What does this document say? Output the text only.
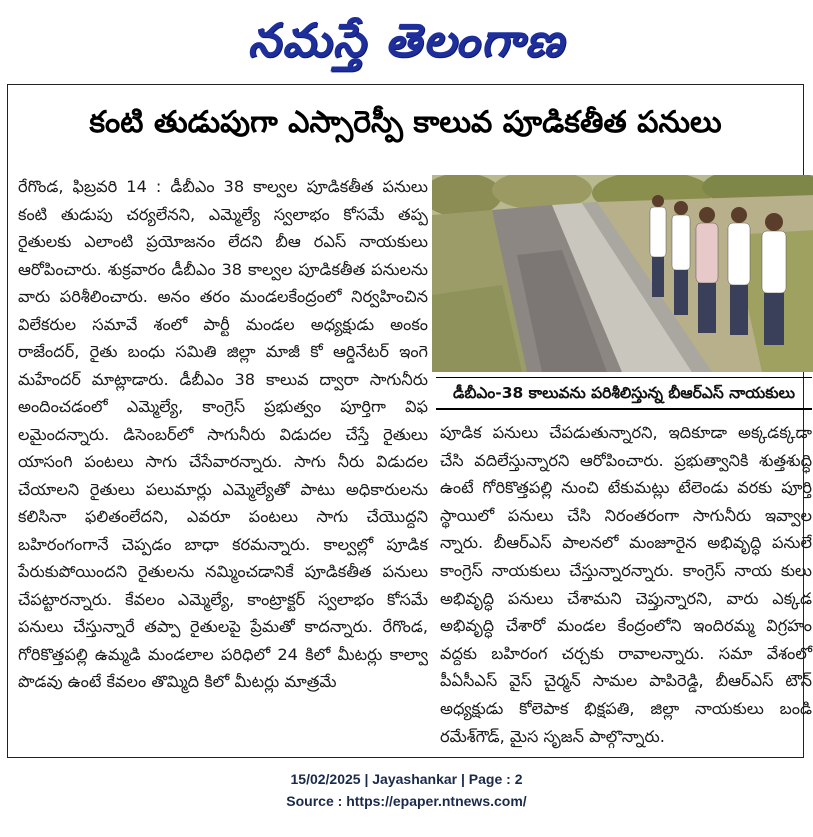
నమస్తే తెలంగాణ
కంటి తుడుపుగా ఎస్సారెస్పీ కాలువ పూడికతీత పనులు
రేగొండ, ఫిబ్రవరి 14 : డీబీఎం 38 కాల్వల పూడికతీత పనులు కంటి తుడుపు చర్యలేనని, ఎమ్మెల్యే స్వలాభం కోసమే తప్ప రైతులకు ఎలాంటి ప్రయోజనం లేదని బీఆ రఎస్ నాయకులు ఆరోపించారు. శుక్రవారం డీబీఎం 38 కాల్వల పూడికతీత పనులను వారు పరిశీలించారు. అనం తరం మండలకేంద్రంలో నిర్వహించిన విలేకరుల సమావే శంలో పార్టీ మండల అధ్యక్షుడు అంకం రాజేందర్, రైతు బంధు సమితి జిల్లా మాజీ కో ఆర్డినేటర్ ఇంగె మహేందర్ మాట్లాడారు. డీబీఎం 38 కాలువ ద్వారా సాగునీరు అందించడంలో ఎమ్మెల్యే, కాంగ్రెస్ ప్రభుత్వం పూర్తిగా విఫ లమైందన్నారు. డిసెంబర్‌లో సాగునీరు విడుదల చేస్తే రైతులు యాసంగి పంటలు సాగు చేసేవారన్నారు. సాగు నీరు విడుదల చేయాలని రైతులు పలుమార్లు ఎమ్మెల్యేతో పాటు అధికారులను కలిసినా ఫలితంలేదని, ఎవరూ పంటలు సాగు చేయొద్దని బహిరంగంగానే చెప్పడం బాధా కరమన్నారు. కాల్వల్లో పూడిక పేరుకుపోయిందని రైతులను నమ్మించడానికే పూడికతీత పనులు చేపట్టారన్నారు. కేవలం ఎమ్మెల్యే, కాంట్రాక్టర్ స్వలాభం కోసమే పనులు చేస్తున్నారే తప్పా రైతులపై ప్రేమతో కాదన్నారు. రేగొండ, గోరికొత్తపల్లి ఉమ్మడి మండలాల పరిధిలో 24 కిలో మీటర్లు కాల్వా పొడవు ఉంటే కేవలం తొమ్మిది కిలో మీటర్లు మాత్రమే
డీబీఎం-38 కాలువను పరిశీలిస్తున్న బీఆర్‌ఎస్ నాయకులు
పూడిక పనులు చేపడుతున్నారని, ఇదికూడా అక్కడక్కడా చేసి వదిలేస్తున్నారని ఆరోపించారు. ప్రభుత్వానికి శుత్తశుద్ధి ఉంటే గోరికొత్తపల్లి నుంచి టేకుమట్లు టేలెండు వరకు పూర్తి స్థాయిలో పనులు చేసి నిరంతరంగా సాగునీరు ఇవ్వాల న్నారు. బీఆర్‌ఎస్ పాలనలో మంజూరైన అభివృద్ధి పనులే కాంగ్రెస్ నాయకులు చేస్తున్నారన్నారు. కాంగ్రెస్ నాయ కులు అభివృద్ధి పనులు చేశామని చెప్తున్నారని, వారు ఎక్కడ అభివృద్ధి చేశారో మండల కేంద్రంలోని ఇందిరమ్మ విగ్రహం వద్దకు బహిరంగ చర్చకు రావాలన్నారు. సమా వేశంలో పీఏసీఎస్ వైస్ చైర్మన్ సామల పాపిరెడ్డి, బీఆర్‌ఎస్ టౌన్ అధ్యక్షుడు కోలెపాక భిక్షపతి, జిల్లా నాయకులు బండి రమేశ్‌గౌడ్, మైస సృజన్ పాల్గొన్నారు.
15/02/2025 | Jayashankar | Page : 2
Source : https://epaper.ntnews.com/
